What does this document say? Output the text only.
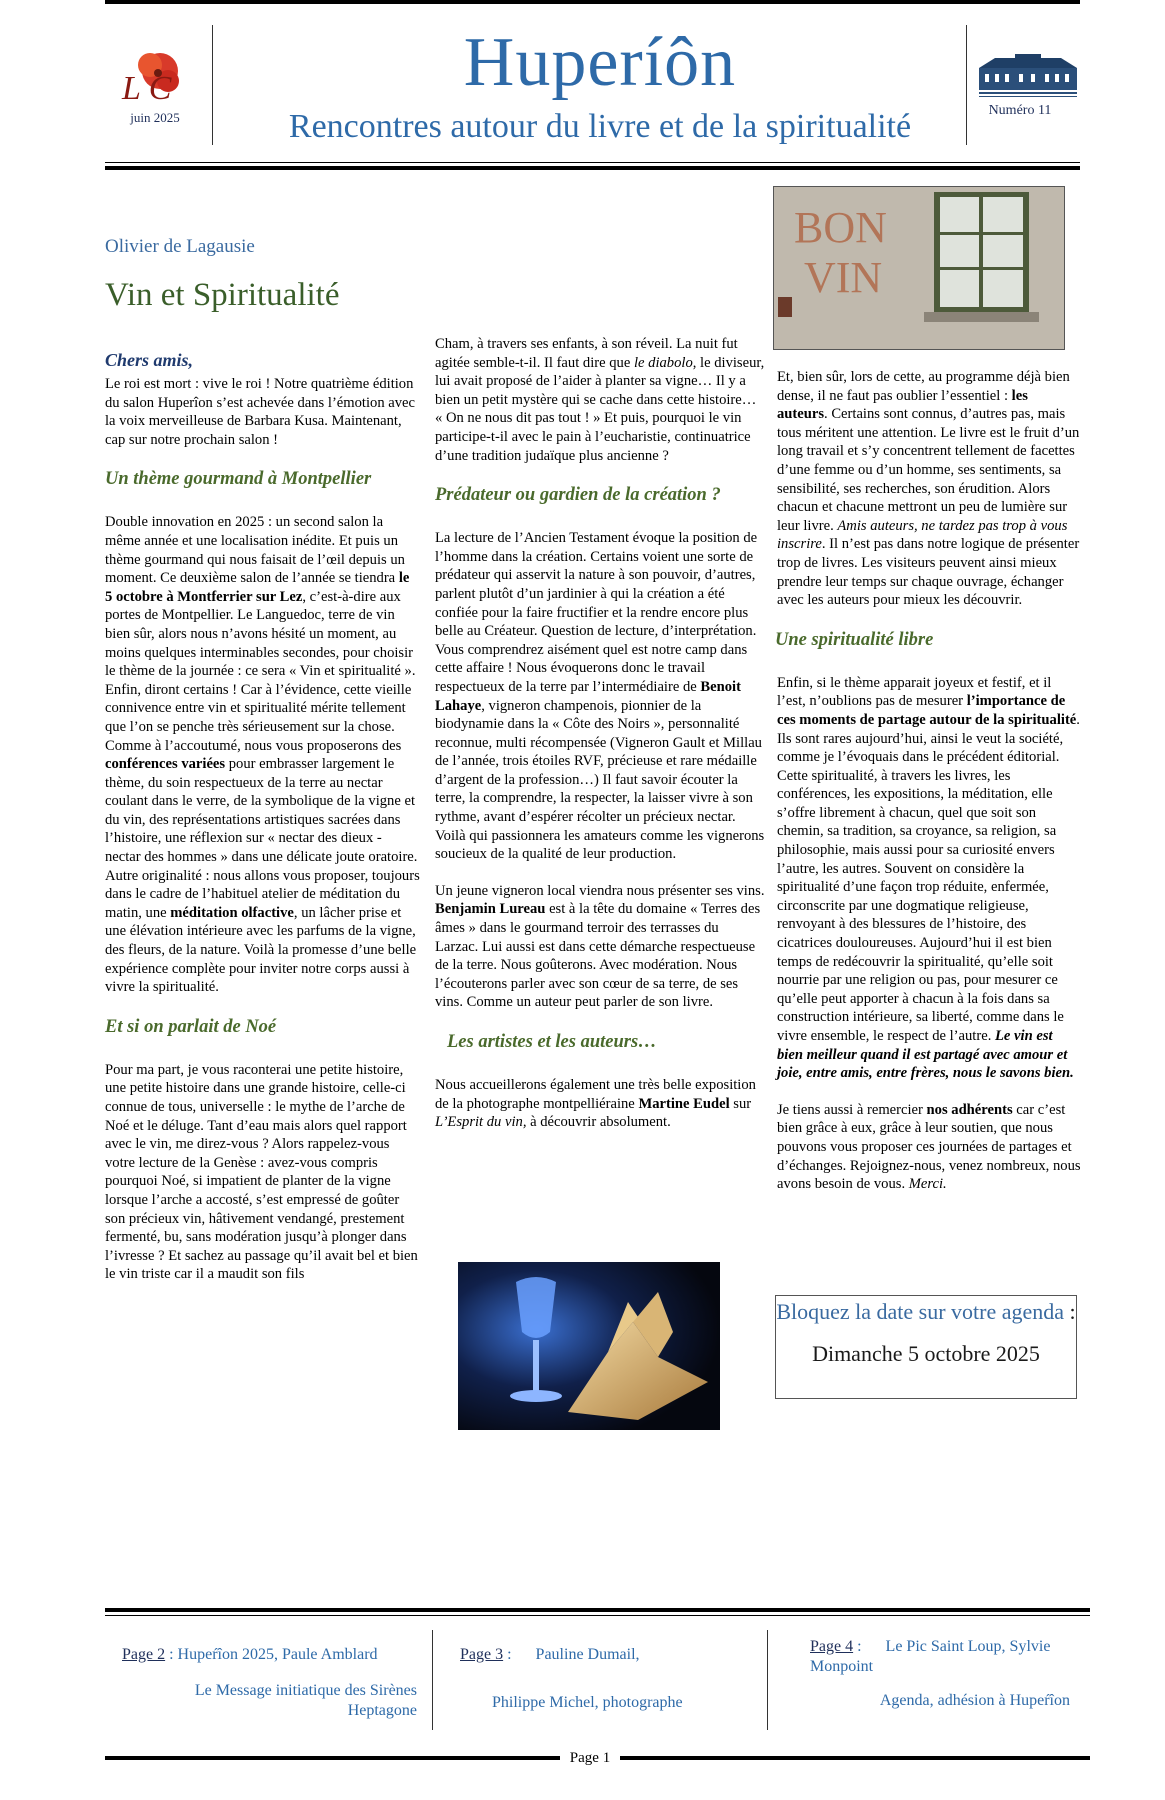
L C
juin 2025
Huperíôn
Rencontres autour du livre et de la spiritualité	Numéro 11
Olivier de Lagausie
Vin et Spiritualité
Chers amis,

Le roi est mort : vive le roi ! Notre quatrième édition du salon Huperîon s’est achevée dans l’émotion avec la voix merveilleuse de Barbara Kusa. Maintenant, cap sur notre prochain salon !

Un thème gourmand à Montpellier

Double innovation en 2025 : un second salon la même année et une localisation inédite. Et puis un thème gourmand qui nous faisait de l’œil depuis un moment. Ce deuxième salon de l’année se tiendra le 5 octobre à Montferrier sur Lez, c’est-à-dire aux portes de Montpellier. Le Languedoc, terre de vin bien sûr, alors nous n’avons hésité un moment, au moins quelques interminables secondes, pour choisir le thème de la journée : ce sera « Vin et spiritualité ». Enfin, diront certains ! Car à l’évidence, cette vieille connivence entre vin et spiritualité mérite tellement que l’on se penche très sérieusement sur la chose. Comme à l’accoutumé, nous vous proposerons des conférences variées pour embrasser largement le thème, du soin respectueux de la terre au nectar coulant dans le verre, de la symbolique de la vigne et du vin, des représentations artistiques sacrées dans l’histoire, une réflexion sur « nectar des dieux - nectar des hommes » dans une délicate joute oratoire. Autre originalité : nous allons vous proposer, toujours dans le cadre de l’habituel atelier de méditation du matin, une méditation olfactive, un lâcher prise et une élévation intérieure avec les parfums de la vigne, des fleurs, de la nature. Voilà la promesse d’une belle expérience complète pour inviter notre corps aussi à vivre la spiritualité.

Et si on parlait de Noé

Pour ma part, je vous raconterai une petite histoire, une petite histoire dans une grande histoire, celle-ci connue de tous, universelle : le mythe de l’arche de Noé et le déluge. Tant d’eau mais alors quel rapport avec le vin, me direz-vous ? Alors rappelez-vous votre lecture de la Genèse : avez-vous compris pourquoi Noé, si impatient de planter de la vigne lorsque l’arche a accosté, s’est empressé de goûter son précieux vin, hâtivement vendangé, prestement fermenté, bu, sans modération jusqu’à plonger dans l’ivresse ? Et sachez au passage qu’il avait bel et bien le vin triste car il a maudit son fils

Cham, à travers ses enfants, à son réveil. La nuit fut agitée semble-t-il. Il faut dire que le diabolo, le diviseur, lui avait proposé de l’aider à planter sa vigne… Il y a bien un petit mystère qui se cache dans cette histoire… « On ne nous dit pas tout ! » Et puis, pourquoi le vin participe-t-il avec le pain à l’eucharistie, continuatrice d’une tradition judaïque plus ancienne ?

Prédateur ou gardien de la création ?

La lecture de l’Ancien Testament évoque la position de l’homme dans la création. Certains voient une sorte de prédateur qui asservit la nature à son pouvoir, d’autres, parlent plutôt d’un jardinier à qui la création a été confiée pour la faire fructifier et la rendre encore plus belle au Créateur. Question de lecture, d’interprétation. Vous comprendrez aisément quel est notre camp dans cette affaire ! Nous évoquerons donc le travail respectueux de la terre par l’intermédiaire de Benoit Lahaye, vigneron champenois, pionnier de la biodynamie dans la « Côte des Noirs », personnalité reconnue, multi récompensée (Vigneron Gault et Millau de l’année, trois étoiles RVF, précieuse et rare médaille d’argent de la profession…) Il faut savoir écouter la terre, la comprendre, la respecter, la laisser vivre à son rythme, avant d’espérer récolter un précieux nectar. Voilà qui passionnera les amateurs comme les vignerons soucieux de la qualité de leur production.

Un jeune vigneron local viendra nous présenter ses vins. Benjamin Lureau est à la tête du domaine « Terres des âmes » dans le gourmand terroir des terrasses du Larzac. Lui aussi est dans cette démarche respectueuse de la terre. Nous goûterons. Avec modération. Nous l’écouterons parler avec son cœur de sa terre, de ses vins. Comme un auteur peut parler de son livre.

Les artistes et les auteurs…

Nous accueillerons également une très belle exposition de la photographe montpelliéraine Martine Eudel sur L’Esprit du vin, à découvrir absolument.

BON
VIN

Et, bien sûr, lors de cette, au programme déjà bien dense, il ne faut pas oublier l’essentiel : les auteurs. Certains sont connus, d’autres pas, mais tous méritent une attention. Le livre est le fruit d’un long travail et s’y concentrent tellement de facettes d’une femme ou d’un homme, ses sentiments, sa sensibilité, ses recherches, son érudition. Alors chacun et chacune mettront un peu de lumière sur leur livre. Amis auteurs, ne tardez pas trop à vous inscrire. Il n’est pas dans notre logique de présenter trop de livres. Les visiteurs peuvent ainsi mieux prendre leur temps sur chaque ouvrage, échanger avec les auteurs pour mieux les découvrir.

Une spiritualité libre

Enfin, si le thème apparait joyeux et festif, et il l’est, n’oublions pas de mesurer l’importance de ces moments de partage autour de la spiritualité. Ils sont rares aujourd’hui, ainsi le veut la société, comme je l’évoquais dans le précédent éditorial. Cette spiritualité, à travers les livres, les conférences, les expositions, la méditation, elle s’offre librement à chacun, quel que soit son chemin, sa tradition, sa croyance, sa religion, sa philosophie, mais aussi pour sa curiosité envers l’autre, les autres. Souvent on considère la spiritualité d’une façon trop réduite, enfermée, circonscrite par une dogmatique religieuse, renvoyant à des blessures de l’histoire, des cicatrices douloureuses. Aujourd’hui il est bien temps de redécouvrir la spiritualité, qu’elle soit nourrie par une religion ou pas, pour mesurer ce qu’elle peut apporter à chacun à la fois dans sa construction intérieure, sa liberté, comme dans le vivre ensemble, le respect de l’autre. Le vin est bien meilleur quand il est partagé avec amour et joie, entre amis, entre frères, nous le savons bien.

Je tiens aussi à remercier nos adhérents car c’est bien grâce à eux, grâce à leur soutien, que nous pouvons vous proposer ces journées de partages et d’échanges. Rejoignez-nous, venez nombreux, nous avons besoin de vous. Merci.

Bloquez la date sur votre agenda :
Dimanche 5 octobre 2025
Page 2 : Hupeŕîon 2025, Paule Amblard
Le Message initiatique des Sirènes Heptagone
Page 3 :      Pauline Dumail,
Philippe Michel, photographe
Page 4 :      Le Pic Saint Loup, Sylvie Monpoint
Agenda, adhésion à Hupeŕîon
Page 1
